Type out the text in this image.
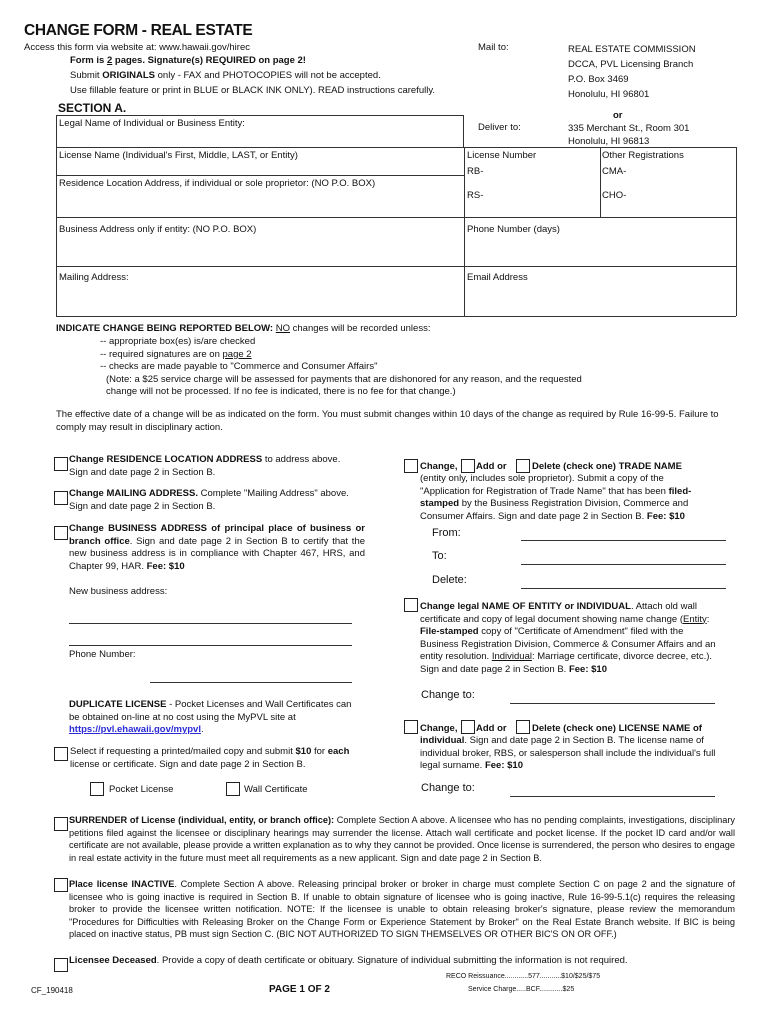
CHANGE FORM - REAL ESTATE
Access this form via website at: www.hawaii.gov/hirec
Form is 2 pages. Signature(s) REQUIRED on page 2!
Submit ORIGINALS only - FAX and PHOTOCOPIES will not be accepted.
Use fillable feature or print in BLUE or BLACK INK ONLY). READ instructions carefully.
Mail to:	REAL ESTATE COMMISSION
DCCA, PVL Licensing Branch
P.O. Box 3469
Honolulu, HI 96801
or
Deliver to:	335 Merchant St., Room 301
Honolulu, HI 96813
SECTION A.
Legal Name of Individual or Business Entity:
License Name (Individual's First, Middle, LAST, or Entity)	License Number	Other Registrations
RB-	CMA-
RS-	CHO-
Residence Location Address, if individual or sole proprietor: (NO P.O. BOX)
Business Address only if entity: (NO P.O. BOX)	Phone Number (days)
Mailing Address:	Email Address
INDICATE CHANGE BEING REPORTED BELOW: NO changes will be recorded unless:
-- appropriate box(es) is/are checked
-- required signatures are on page 2
-- checks are made payable to "Commerce and Consumer Affairs"
(Note: a $25 service charge will be assessed for payments that are dishonored for any reason, and the requested
change will not be processed. If no fee is indicated, there is no fee for that change.)
The effective date of a change will be as indicated on the form. You must submit changes within 10 days of the change as required by Rule 16-99-5. Failure to comply may result in disciplinary action.
Change RESIDENCE LOCATION ADDRESS to address above. Sign and date page 2 in Section B.
Change MAILING ADDRESS. Complete "Mailing Address" above. Sign and date page 2 in Section B.
Change BUSINESS ADDRESS of principal place of business or branch office. Sign and date page 2 in Section B to certify that the new business address is in compliance with Chapter 467, HRS, and Chapter 99, HAR. Fee: $10
New business address:
Phone Number:
DUPLICATE LICENSE - Pocket Licenses and Wall Certificates can be obtained on-line at no cost using the MyPVL site at
https://pvl.ehawaii.gov/mypvl.
Select if requesting a printed/mailed copy and submit $10 for each license or certificate. Sign and date page 2 in Section B.
Pocket License	Wall Certificate
Change, Add or	Delete (check one) TRADE NAME
(entity only, includes sole proprietor). Submit a copy of the "Application for Registration of Trade Name" that has been filed-stamped by the Business Registration Division, Commerce and Consumer Affairs. Sign and date page 2 in Section B. Fee: $10
From:
To:
Delete:
Change legal NAME OF ENTITY or INDIVIDUAL. Attach old wall certificate and copy of legal document showing name change (Entity: File-stamped copy of "Certificate of Amendment" filed with the Business Registration Division, Commerce & Consumer Affairs and an entity resolution. Individual: Marriage certificate, divorce decree, etc.). Sign and date page 2 in Section B. Fee: $10
Change to:
Change, Add or	Delete (check one) LICENSE NAME of
individual. Sign and date page 2 in Section B. The license name of individual broker, RBS, or salesperson shall include the individual's full legal surname. Fee: $10
Change to:
SURRENDER of License (individual, entity, or branch office): Complete Section A above. A licensee who has no pending complaints, investigations, disciplinary petitions filed against the licensee or disciplinary hearings may surrender the license. Attach wall certificate and pocket license. If the pocket ID card and/or wall certificate are not available, please provide a written explanation as to why they cannot be provided. Once license is surrendered, the person who desires to engage in real estate activity in the future must meet all requirements as a new applicant. Sign and date page 2 in Section B.
Place license INACTIVE. Complete Section A above. Releasing principal broker or broker in charge must complete Section C on page 2 and the signature of licensee who is going inactive is required in Section B. If unable to obtain signature of licensee who is going inactive, Rule 16-99-5.1(c) requires the releasing broker to provide the licensee written notification. NOTE: If the licensee is unable to obtain releasing broker's signature, please review the memorandum "Procedures for Difficulties with Releasing Broker on the Change Form or Experience Statement by Broker" on the Real Estate Branch website. If BIC is being placed on inactive status, PB must sign Section C. (BIC NOT AUTHORIZED TO SIGN THEMSELVES OR OTHER BIC'S ON OR OFF.)
Licensee Deceased. Provide a copy of death certificate or obituary. Signature of individual submitting the information is not required.
CF_190418	PAGE 1 OF 2
RECO Reissuance............577...........$10/$25/$75
Service Charge.....BCF............$25
